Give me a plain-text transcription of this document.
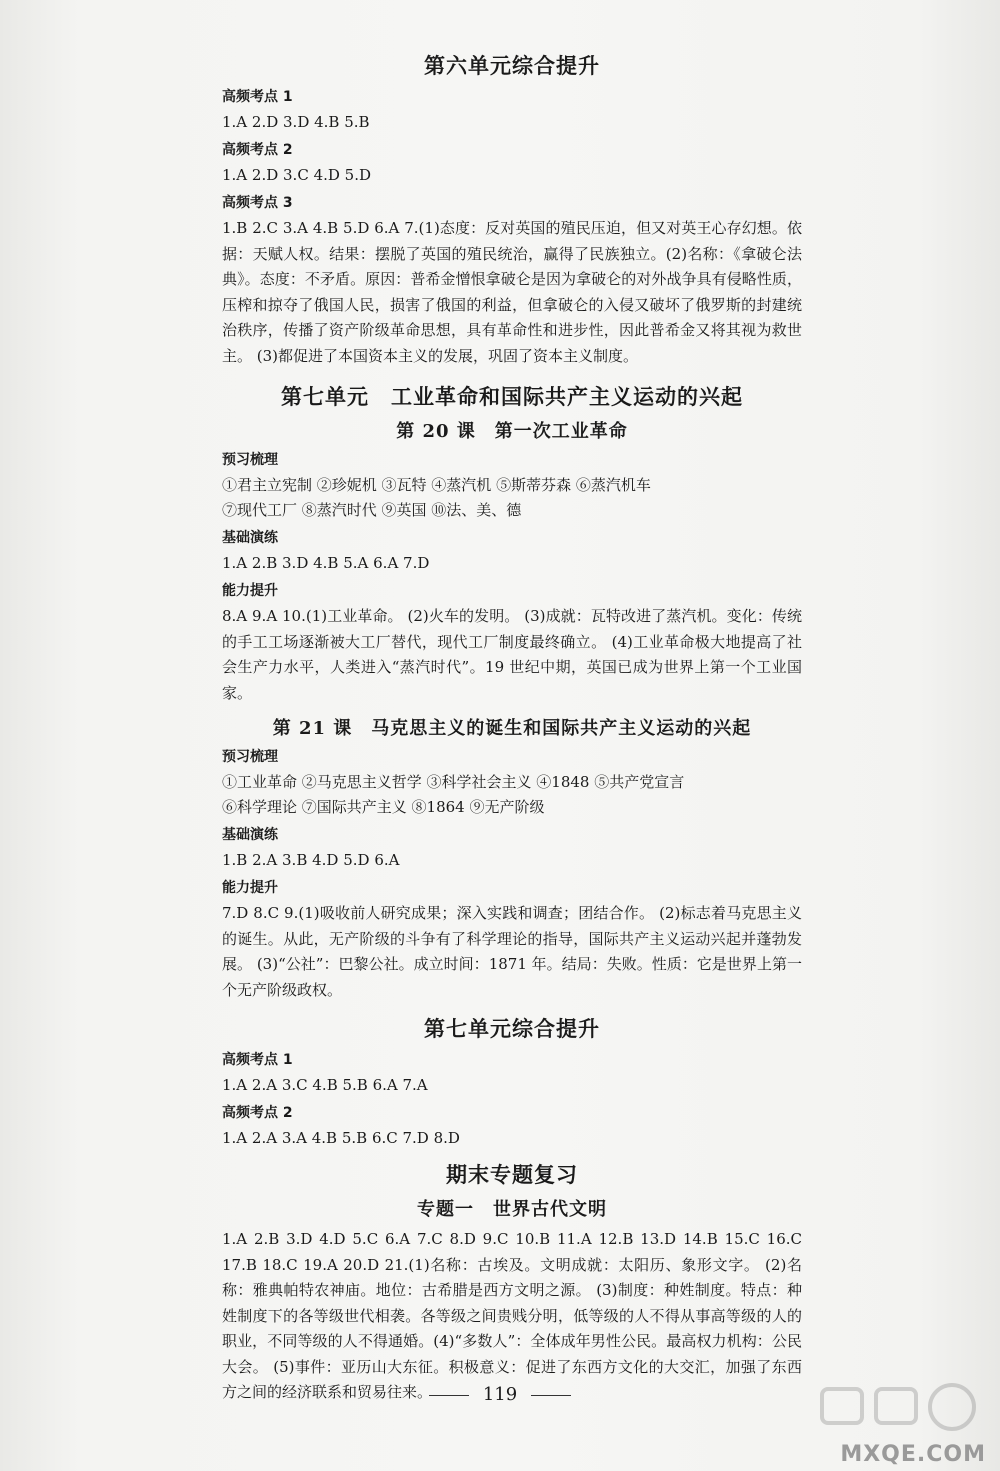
第六单元综合提升
高频考点 1

1.A 2.D 3.D 4.B 5.B

高频考点 2

1.A 2.D 3.C 4.D 5.D

高频考点 3

1.B 2.C 3.A 4.B 5.D 6.A 7.(1)态度：反对英国的殖民压迫，但又对英王心存幻想。依据：天赋人权。结果：摆脱了英国的殖民统治，赢得了民族独立。(2)名称：《拿破仑法典》。态度：不矛盾。原因：普希金憎恨拿破仑是因为拿破仑的对外战争具有侵略性质，压榨和掠夺了俄国人民，损害了俄国的利益，但拿破仑的入侵又破坏了俄罗斯的封建统治秩序，传播了资产阶级革命思想，具有革命性和进步性，因此普希金又将其视为救世主。 (3)都促进了本国资本主义的发展，巩固了资本主义制度。

第七单元　工业革命和国际共产主义运动的兴起
第 20 课　第一次工业革命
预习梳理

①君主立宪制 ②珍妮机 ③瓦特 ④蒸汽机 ⑤斯蒂芬森 ⑥蒸汽机车

⑦现代工厂 ⑧蒸汽时代 ⑨英国 ⑩法、美、德

基础演练

1.A 2.B 3.D 4.B 5.A 6.A 7.D

能力提升

8.A 9.A 10.(1)工业革命。 (2)火车的发明。 (3)成就：瓦特改进了蒸汽机。变化：传统的手工工场逐渐被大工厂替代，现代工厂制度最终确立。 (4)工业革命极大地提高了社会生产力水平，人类进入“蒸汽时代”。19 世纪中期，英国已成为世界上第一个工业国家。

第 21 课　马克思主义的诞生和国际共产主义运动的兴起
预习梳理

①工业革命 ②马克思主义哲学 ③科学社会主义 ④1848 ⑤共产党宣言

⑥科学理论 ⑦国际共产主义 ⑧1864 ⑨无产阶级

基础演练

1.B 2.A 3.B 4.D 5.D 6.A

能力提升

7.D 8.C 9.(1)吸收前人研究成果；深入实践和调查；团结合作。 (2)标志着马克思主义的诞生。从此，无产阶级的斗争有了科学理论的指导，国际共产主义运动兴起并蓬勃发展。 (3)“公社”：巴黎公社。成立时间：1871 年。结局：失败。性质：它是世界上第一个无产阶级政权。

第七单元综合提升
高频考点 1

1.A 2.A 3.C 4.B 5.B 6.A 7.A

高频考点 2

1.A 2.A 3.A 4.B 5.B 6.C 7.D 8.D

期末专题复习
专题一　世界古代文明

1.A 2.B 3.D 4.D 5.C 6.A 7.C 8.D 9.C 10.B 11.A 12.B 13.D 14.B 15.C 16.C 17.B 18.C 19.A 20.D 21.(1)名称：古埃及。文明成就：太阳历、象形文字。 (2)名称：雅典帕特农神庙。地位：古希腊是西方文明之源。 (3)制度：种姓制度。特点：种姓制度下的各等级世代相袭。各等级之间贵贱分明，低等级的人不得从事高等级的人的职业，不同等级的人不得通婚。(4)“多数人”：全体成年男性公民。最高权力机构：公民大会。 (5)事件：亚历山大东征。积极意义：促进了东西方文化的大交汇，加强了东西方之间的经济联系和贸易往来。	119
MXQE.COM
